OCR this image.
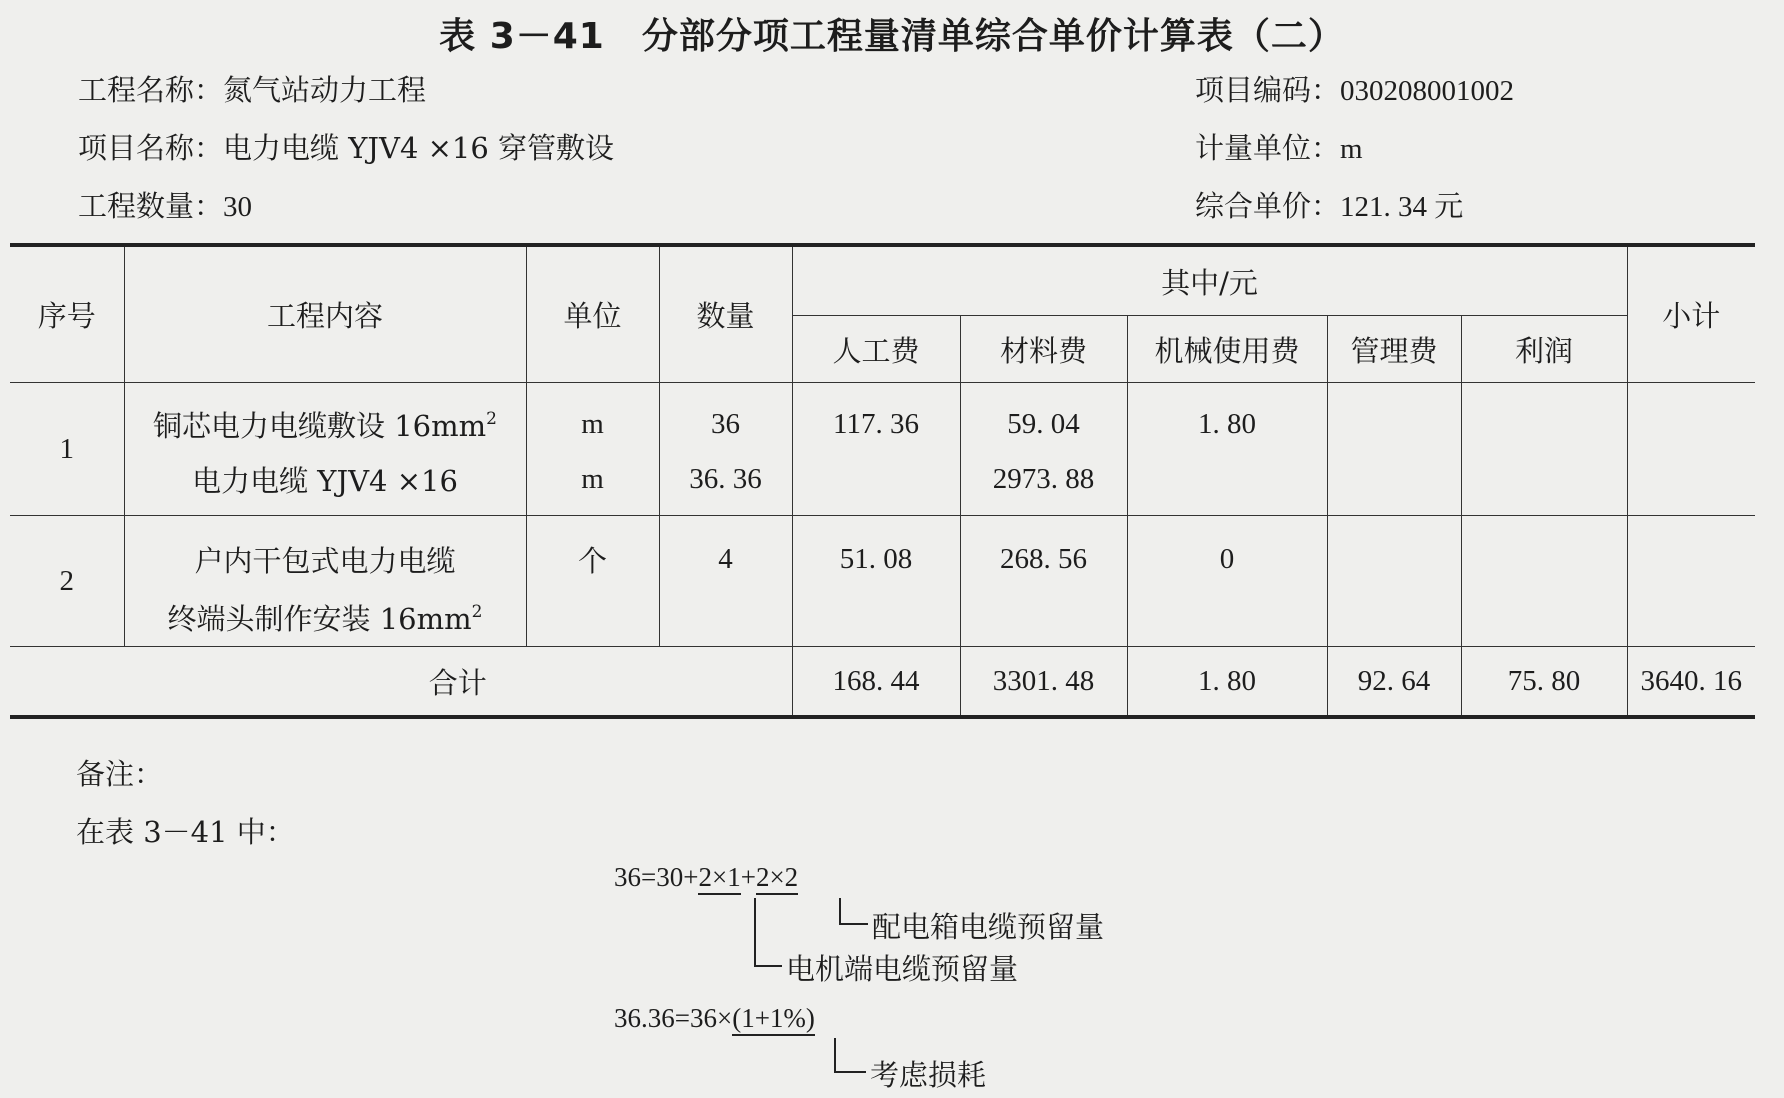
表 3－41　分部分项工程量清单综合单价计算表（二）
工程名称：氮气站动力工程
项目名称：电力电缆 YJV4 ×16 穿管敷设
工程数量：30
项目编码：030208001002
计量单位：m
综合单价：121. 34 元
序号	工程内容	单位	数量	其中/元					小计
				人工费	材料费	机械使用费	管理费	利润	
1	铜芯电力电缆敷设 $16mm^2$	m	36	117. 36	59. 04	1. 80			
	电力电缆 YJV4 ×16	m	36. 36		2973. 88				
2	户内干包式电力电缆	个	4	51. 08	268. 56	0			
	终端头制作安装 $16mm^2$					
合计				168. 44	3301. 48	1. 80	92. 64	75. 80	3640. 16
备注：
在表 3－41 中：
36=30+2×1+2×2
36.36=36×(1+1%)
配电箱电缆预留量
电机端电缆预留量
考虑损耗
